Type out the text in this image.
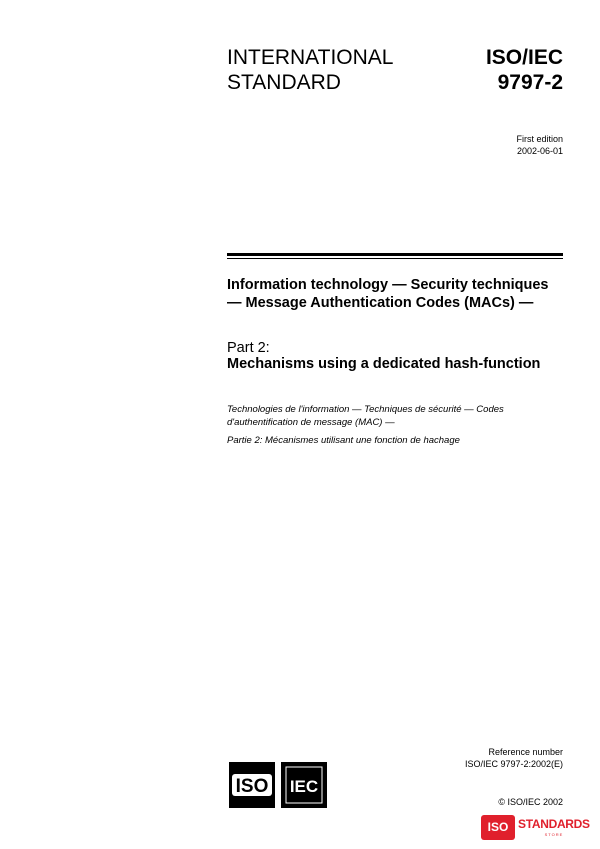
INTERNATIONAL
STANDARD
ISO/IEC
9797-2
First edition
2002-06-01
Information technology — Security techniques — Message Authentication Codes (MACs) —
Part 2:
Mechanisms using a dedicated hash-function
Technologies de l'information — Techniques de sécurité — Codes d'authentification de message (MAC) —
Partie 2: Mécanismes utilisant une fonction de hachage
Reference number
ISO/IEC 9797-2:2002(E)
ISO IEC
© ISO/IEC 2002
ISO STANDARDS
STORE
